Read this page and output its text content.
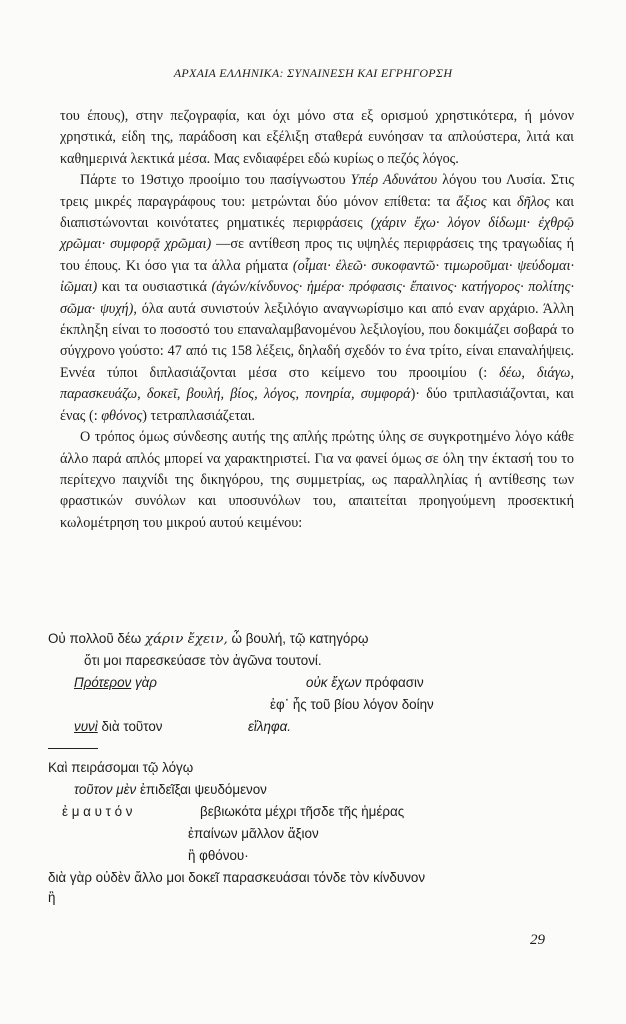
ΑΡΧΑΙΑ ΕΛΛΗΝΙΚΑ: ΣΥΝΑΙΝΕΣΗ ΚΑΙ ΕΓΡΗΓΟΡΣΗ

του έπους), στην πεζογραφία, και όχι μόνο στα εξ ορισμού χρηστικότερα, ή μόνον χρηστικά, είδη της, παράδοση και εξέλιξη σταθερά ευνόησαν τα απλούστερα, λιτά και καθημερινά λεκτικά μέσα. Μας ενδιαφέρει εδώ κυρίως ο πεζός λόγος.

Πάρτε το 19στιχο προοίμιο του πασίγνωστου Υπέρ Αδυνάτου λόγου του Λυσία. Στις τρεις μικρές παραγράφους του: μετρώνται δύο μόνον επίθετα: τα ἄξιος και δῆλος και διαπιστώνονται κοινότατες ρηματικές περιφράσεις (χάριν ἔχω· λόγον δίδωμι· ἐχθρῷ χρῶμαι· συμφορᾷ χρῶμαι) —σε αντίθεση προς τις υψηλές περιφράσεις της τραγωδίας ή του έπους. Κι όσο για τα άλλα ρήματα (οἶμαι· ἐλεῶ· συκοφαντῶ· τιμωροῦμαι· ψεύδομαι· ἰῶμαι) και τα ουσιαστικά (ἀγών/κίνδυνος· ἡμέρα· πρόφασις· ἔπαινος· κατήγορος· πολίτης· σῶμα· ψυχή), όλα αυτά συνιστούν λεξιλόγιο αναγνωρίσιμο και από εναν αρχάριο. Άλλη έκπληξη είναι το ποσοστό του επαναλαμβανομένου λεξιλογίου, που δοκιμάζει σοβαρά το σύγχρονο γούστο: 47 από τις 158 λέξεις, δηλαδή σχεδόν το ένα τρίτο, είναι επαναλήψεις. Εννέα τύποι διπλασιάζονται μέσα στο κείμενο του προοιμίου (: δέω, διάγω, παρασκευάζω, δοκεῖ, βουλή, βίος, λόγος, πονηρία, συμφορά)· δύο τριπλασιάζονται, και ένας (: φθόνος) τετραπλασιάζεται.

Ο τρόπος όμως σύνδεσης αυτής της απλής πρώτης ύλης σε συγκροτημένο λόγο κάθε άλλο παρά απλός μπορεί να χαρακτηριστεί. Για να φανεί όμως σε όλη την έκτασή του το περίτεχνο παιχνίδι της δικηγόρου, της συμμετρίας, ως παραλληλίας ή αντίθεσης των φραστικών συνόλων και υποσυνόλων του, απαιτείται προηγούμενη προσεκτική κωλομέτρηση του μικρού αυτού κειμένου:

Οὐ πολλοῦ δέω χάριν ἔχειν, ὦ βουλή, τῷ κατηγόρῳ
ὅτι μοι παρεσκεύασε τὸν ἀγῶνα τουτονί.
Πρότερον γὰρ	οὐκ ἔχων πρόφασιν
ἐφ᾽ ἧς τοῦ βίου λόγον δοίην
νυνὶ διὰ τοῦτον	εἴληφα.
Καὶ πειράσομαι τῷ λόγῳ
τοῦτον μὲν ἐπιδεῖξαι ψευδόμενον
ἐ μ α υ τ ό ν	βεβιωκότα μέχρι τῆσδε τῆς ἡμέρας
ἐπαίνων μᾶλλον ἄξιον
ἢ φθόνου·
διὰ γὰρ οὐδὲν ἄλλο μοι δοκεῖ παρασκευάσαι τόνδε τὸν κίνδυνον
ἢ
29
